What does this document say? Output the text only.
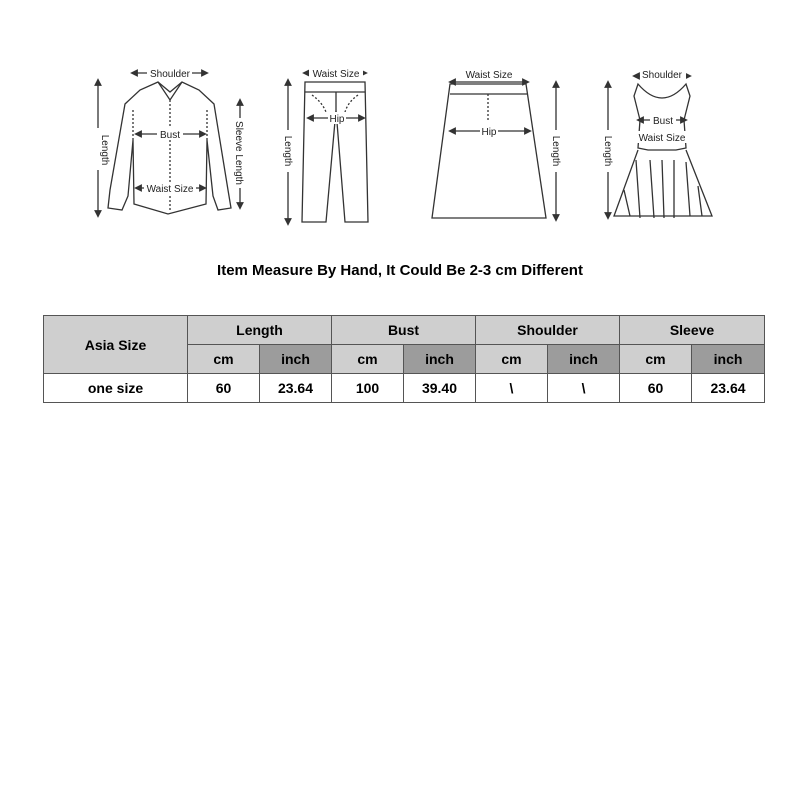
Shoulder
Bust
Waist Size
Length	Sleeve Length
Waist Size
Hip
Length
Waist Size
Hip
Length
Shoulder
Bust
Waist Size
Length
Item Measure By Hand, It Could Be 2-3 cm Different
Asia Size	Length		Bust		Shoulder		Sleeve	
	cm	inch	cm	inch	cm	inch	cm	inch
one size	60	23.64	100	39.40	\	\	60	23.64
